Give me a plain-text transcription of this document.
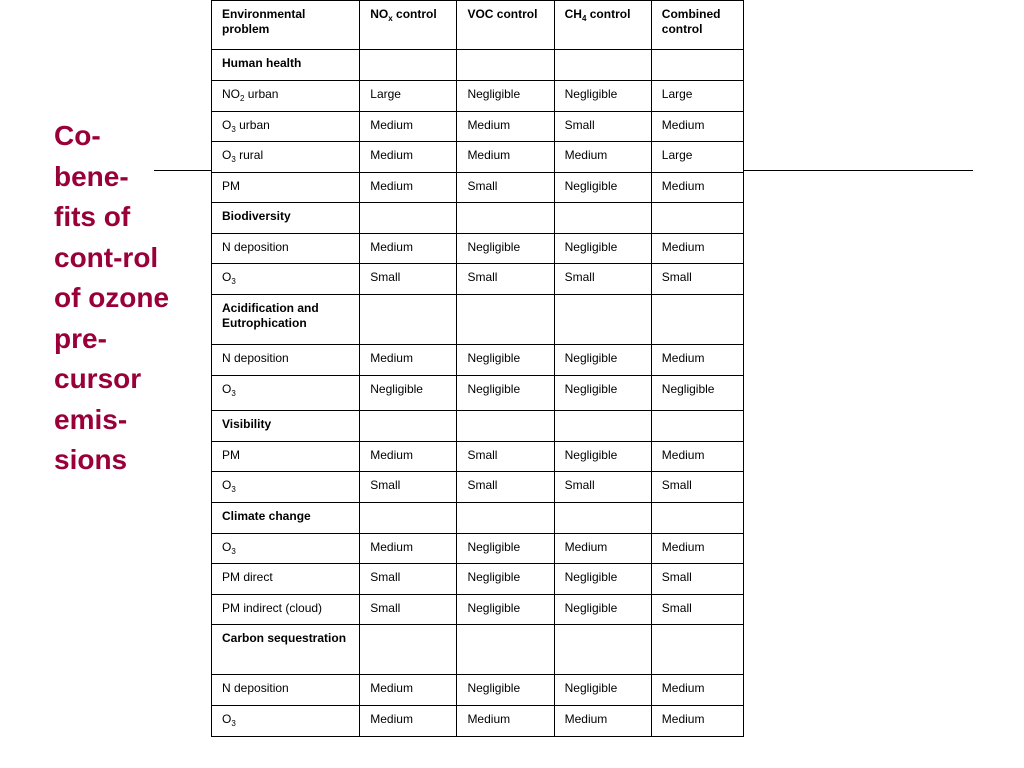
Co-
bene-
fits of
cont-rol
of ozone
pre-
cursor
emis-
sions
Environmental problem	$NO_x$ control	VOC control	$CH_4$ control	Combined control
Human health				
$NO_2$ urban	Large	Negligible	Negligible	Large
$O_3$ urban	Medium	Medium	Small	Medium
$O_3$ rural	Medium	Medium	Medium	Large
PM	Medium	Small	Negligible	Medium
Biodiversity				
N deposition	Medium	Negligible	Negligible	Medium
$O_3$	Small	Small	Small	Small
Acidification and Eutrophication				
N deposition	Medium	Negligible	Negligible	Medium
$O_3$	Negligible	Negligible	Negligible	Negligible
Visibility				
PM	Medium	Small	Negligible	Medium
$O_3$	Small	Small	Small	Small
Climate change				
$O_3$	Medium	Negligible	Medium	Medium
PM direct	Small	Negligible	Negligible	Small
PM indirect (cloud)	Small	Negligible	Negligible	Small
Carbon sequestration				
N deposition	Medium	Negligible	Negligible	Medium
$O_3$	Medium	Medium	Medium	Medium
